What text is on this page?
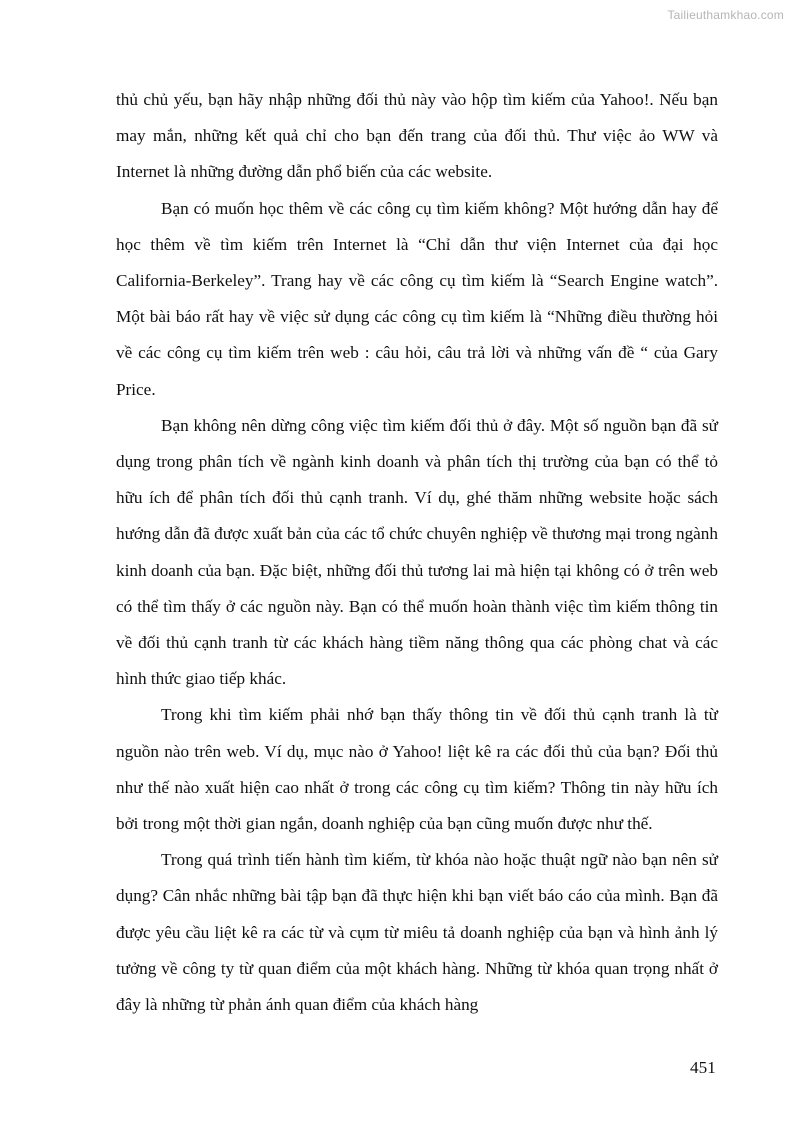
Tailieuthamkhao.com

thủ chủ yếu, bạn hãy nhập những đối thủ này vào hộp tìm kiếm của Yahoo!. Nếu bạn may mắn, những kết quả chỉ cho bạn đến trang của đối thủ. Thư việc ảo WW và Internet là những đường dẫn phổ biến của các website.

Bạn có muốn học thêm về các công cụ tìm kiếm không? Một hướng dẫn hay để học thêm về tìm kiếm trên Internet là “Chỉ dẫn thư viện Internet của đại học California-Berkeley”. Trang hay về các công cụ tìm kiếm là “Search Engine watch”. Một bài báo rất hay về việc sử dụng các công cụ tìm kiếm là “Những điều thường hỏi về các công cụ tìm kiếm trên web : câu hỏi, câu trả lời và những vấn đề “ của Gary Price.

Bạn không nên dừng công việc tìm kiếm đối thủ ở đây. Một số nguồn bạn đã sử dụng trong phân tích về ngành kinh doanh và phân tích thị trường của bạn có thể tỏ hữu ích để phân tích đối thủ cạnh tranh. Ví dụ, ghé thăm những website hoặc sách hướng dẫn đã được xuất bản của các tổ chức chuyên nghiệp về thương mại trong ngành kinh doanh của bạn. Đặc biệt, những đối thủ tương lai mà hiện tại không có ở trên web có thể tìm thấy ở các nguồn này. Bạn có thể muốn hoàn thành việc tìm kiếm thông tin về đối thủ cạnh tranh từ các khách hàng tiềm năng thông qua các phòng chat và các hình thức giao tiếp khác.

Trong khi tìm kiếm phải nhớ bạn thấy thông tin về đối thủ cạnh tranh là từ nguồn nào trên web. Ví dụ, mục nào ở Yahoo! liệt kê ra các đối thủ của bạn? Đối thủ như thế nào xuất hiện cao nhất ở trong các công cụ tìm kiếm? Thông tin này hữu ích bởi trong một thời gian ngắn, doanh nghiệp của bạn cũng muốn được như thế.

Trong quá trình tiến hành tìm kiếm, từ khóa nào hoặc thuật ngữ nào bạn nên sử dụng? Cân nhắc những bài tập bạn đã thực hiện khi bạn viết báo cáo của mình. Bạn đã được yêu cầu liệt kê ra các từ và cụm từ miêu tả doanh nghiệp của bạn và hình ảnh lý tưởng về công ty từ quan điểm của một khách hàng. Những từ khóa quan trọng nhất ở đây là những từ phản ánh quan điểm của khách hàng

451
